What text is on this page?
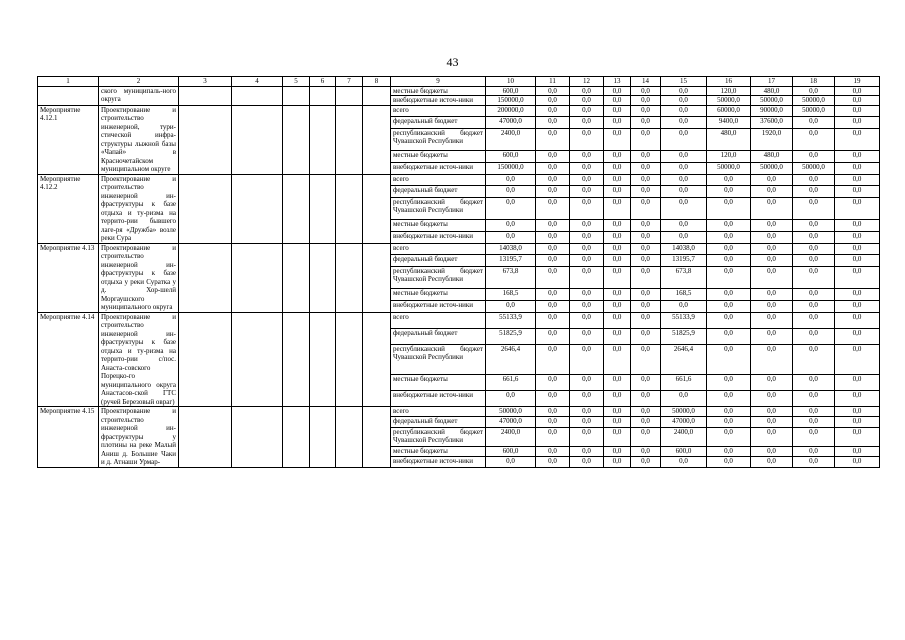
43
1	2	3	4	5	6	7	8	9	10	11	12	13	14	15	16	17	18	19
	ского муниципаль-ного округа							местные бюджеты	600,0	0,0	0,0	0,0	0,0	0,0	120,0	480,0	0,0	0,0
								внебюджетные источ-ники	150000,0	0,0	0,0	0,0	0,0	0,0	50000,0	50000,0	50000,0	0,0
Мероприятие 4.12.1	Проектирование и строительство инженерной, тури-стической инфра-структуры лыжной базы «Чапай» в Красночетайском муниципальном округе							всего	200000,0	0,0	0,0	0,0	0,0	0,0	60000,0	90000,0	50000,0	0,0
								федеральный бюджет	47000,0	0,0	0,0	0,0	0,0	0,0	9400,0	37600,0	0,0	0,0
								республиканский бюджет Чувашской Республики	2400,0	0,0	0,0	0,0	0,0	0,0	480,0	1920,0	0,0	0,0
								местные бюджеты	600,0	0,0	0,0	0,0	0,0	0,0	120,0	480,0	0,0	0,0
								внебюджетные источ-ники	150000,0	0,0	0,0	0,0	0,0	0,0	50000,0	50000,0	50000,0	0,0
Мероприятие 4.12.2	Проектирование и строительство инженерной ин-фраструктуры к базе отдыха и ту-ризма на террито-рии бывшего лаге-ря «Дружба» возле реки Сура							всего	0,0	0,0	0,0	0,0	0,0	0,0	0,0	0,0	0,0	0,0
								федеральный бюджет	0,0	0,0	0,0	0,0	0,0	0,0	0,0	0,0	0,0	0,0
								республиканский бюджет Чувашской Республики	0,0	0,0	0,0	0,0	0,0	0,0	0,0	0,0	0,0	0,0
								местные бюджеты	0,0	0,0	0,0	0,0	0,0	0,0	0,0	0,0	0,0	0,0
								внебюджетные источ-ники	0,0	0,0	0,0	0,0	0,0	0,0	0,0	0,0	0,0	0,0
Мероприятие 4.13	Проектирование и строительство инженерной ин-фраструктуры к базе отдыха у реки Суратка у д. Хор-шелй Моргаушского муниципального округа							всего	14038,0	0,0	0,0	0,0	0,0	14038,0	0,0	0,0	0,0	0,0
								федеральный бюджет	13195,7	0,0	0,0	0,0	0,0	13195,7	0,0	0,0	0,0	0,0
								республиканский бюджет Чувашской Республики	673,8	0,0	0,0	0,0	0,0	673,8	0,0	0,0	0,0	0,0
								местные бюджеты	168,5	0,0	0,0	0,0	0,0	168,5	0,0	0,0	0,0	0,0
								внебюджетные источ-ники	0,0	0,0	0,0	0,0	0,0	0,0	0,0	0,0	0,0	0,0
Мероприятие 4.14	Проектирование и строительство инженерной ин-фраструктуры к базе отдыха и ту-ризма на террито-рии с/пос. Анаста-совского Порецко-го муниципального округа Анастасов-ской ГТС (ручей Березовый овраг)							всего	55133,9	0,0	0,0	0,0	0,0	55133,9	0,0	0,0	0,0	0,0
								федеральный бюджет	51825,9	0,0	0,0	0,0	0,0	51825,9	0,0	0,0	0,0	0,0
								республиканский бюджет Чувашской Республики	2646,4	0,0	0,0	0,0	0,0	2646,4	0,0	0,0	0,0	0,0
								местные бюджеты	661,6	0,0	0,0	0,0	0,0	661,6	0,0	0,0	0,0	0,0
								внебюджетные источ-ники	0,0	0,0	0,0	0,0	0,0	0,0	0,0	0,0	0,0	0,0
Мероприятие 4.15	Проектирование и строительство инженерной ин-фраструктуры у плотины на реке Малый Аниш д. Большие Чаки и д. Атнаши Урмар-							всего	50000,0	0,0	0,0	0,0	0,0	50000,0	0,0	0,0	0,0	0,0
								федеральный бюджет	47000,0	0,0	0,0	0,0	0,0	47000,0	0,0	0,0	0,0	0,0
								республиканский бюджет Чувашской Республики	2400,0	0,0	0,0	0,0	0,0	2400,0	0,0	0,0	0,0	0,0
								местные бюджеты	600,0	0,0	0,0	0,0	0,0	600,0	0,0	0,0	0,0	0,0
								внебюджетные источ-ники	0,0	0,0	0,0	0,0	0,0	0,0	0,0	0,0	0,0	0,0
